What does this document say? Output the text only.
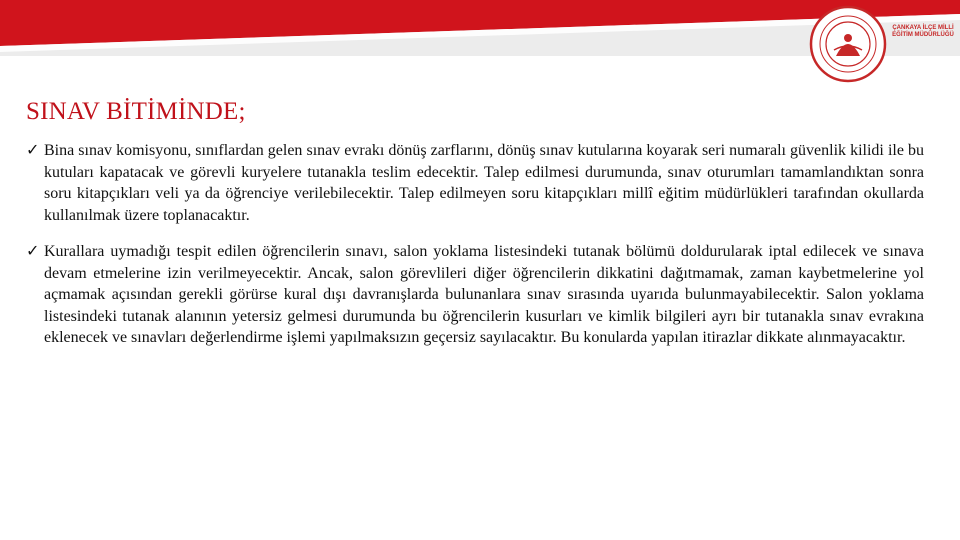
ÇANKAYA İLÇE MİLLİ EĞİTİM MÜDÜRLÜĞÜ
SINAV BİTİMİNDE;
✓ Bina sınav komisyonu, sınıflardan gelen sınav evrakı dönüş zarflarını, dönüş sınav kutularına koyarak seri numaralı güvenlik kilidi ile bu kutuları kapatacak ve görevli kuryelere tutanakla teslim edecektir. Talep edilmesi durumunda, sınav oturumları tamamlandıktan sonra soru kitapçıkları veli ya da öğrenciye verilebilecektir. Talep edilmeyen soru kitapçıkları millî eğitim müdürlükleri tarafından okullarda kullanılmak üzere toplanacaktır.
✓ Kurallara uymadığı tespit edilen öğrencilerin sınavı, salon yoklama listesindeki tutanak bölümü doldurularak iptal edilecek ve sınava devam etmelerine izin verilmeyecektir. Ancak, salon görevlileri diğer öğrencilerin dikkatini dağıtmamak, zaman kaybetmelerine yol açmamak açısından gerekli görürse kural dışı davranışlarda bulunanlara sınav sırasında uyarıda bulunmayabilecektir. Salon yoklama listesindeki tutanak alanının yetersiz gelmesi durumunda bu öğrencilerin kusurları ve kimlik bilgileri ayrı bir tutanakla sınav evrakına eklenecek ve sınavları değerlendirme işlemi yapılmaksızın geçersiz sayılacaktır. Bu konularda yapılan itirazlar dikkate alınmayacaktır.
